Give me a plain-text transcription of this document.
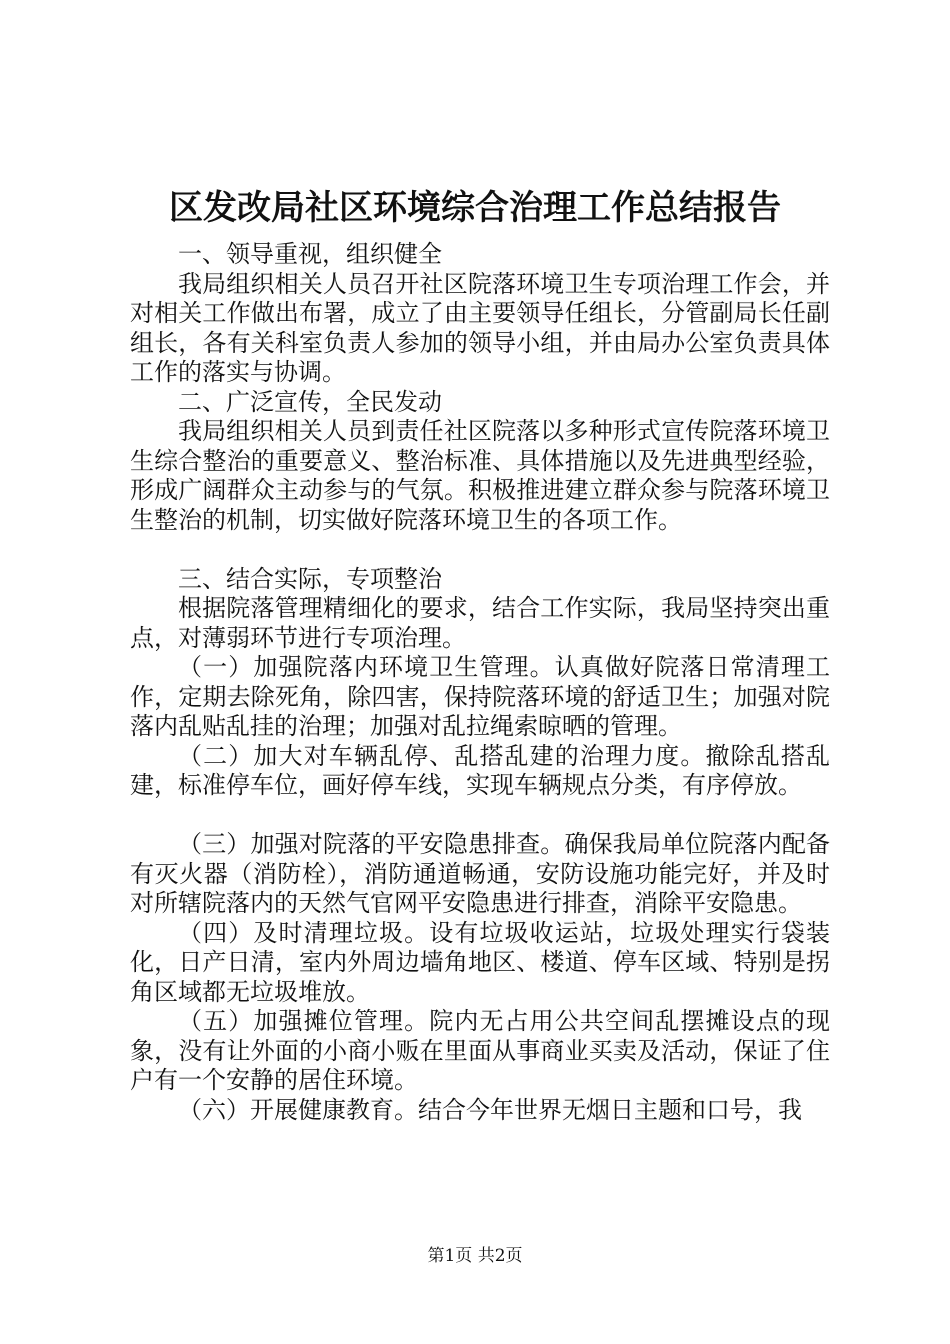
区发改局社区环境综合治理工作总结报告

一、领导重视，组织健全

我局组织相关人员召开社区院落环境卫生专项治理工作会，并对相关工作做出布署，成立了由主要领导任组长，分管副局长任副组长，各有关科室负责人参加的领导小组，并由局办公室负责具体工作的落实与协调。

二、广泛宣传，全民发动

我局组织相关人员到责任社区院落以多种形式宣传院落环境卫生综合整治的重要意义、整治标准、具体措施以及先进典型经验，形成广阔群众主动参与的气氛。积极推进建立群众参与院落环境卫生整治的机制，切实做好院落环境卫生的各项工作。

三、结合实际，专项整治

根据院落管理精细化的要求，结合工作实际，我局坚持突出重点，对薄弱环节进行专项治理。

（一）加强院落内环境卫生管理。认真做好院落日常清理工作，定期去除死角，除四害，保持院落环境的舒适卫生；加强对院落内乱贴乱挂的治理；加强对乱拉绳索晾晒的管理。

（二）加大对车辆乱停、乱搭乱建的治理力度。撤除乱搭乱建，标准停车位，画好停车线，实现车辆规点分类，有序停放。

（三）加强对院落的平安隐患排查。确保我局单位院落内配备有灭火器（消防栓），消防通道畅通，安防设施功能完好，并及时对所辖院落内的天然气官网平安隐患进行排查，消除平安隐患。

（四）及时清理垃圾。设有垃圾收运站，垃圾处理实行袋装化，日产日清，室内外周边墙角地区、楼道、停车区域、特别是拐角区域都无垃圾堆放。

（五）加强摊位管理。院内无占用公共空间乱摆摊设点的现象，没有让外面的小商小贩在里面从事商业买卖及活动，保证了住户有一个安静的居住环境。

（六）开展健康教育。结合今年世界无烟日主题和口号，我

第1页 共2页
